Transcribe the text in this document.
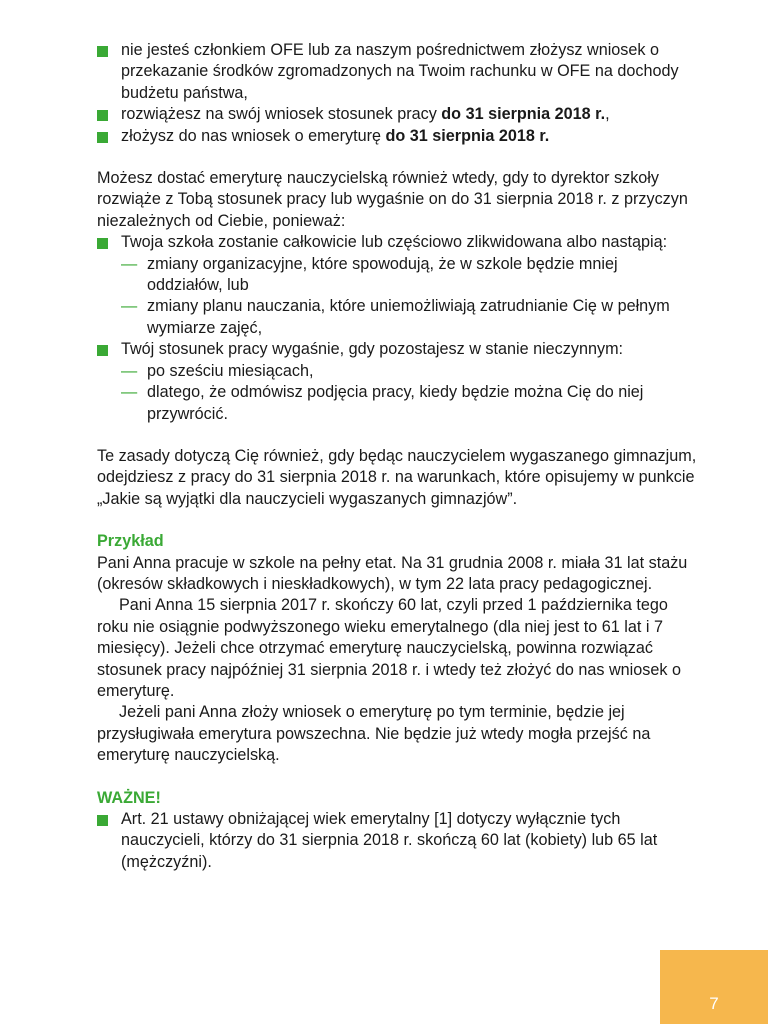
nie jesteś członkiem OFE lub za naszym pośrednictwem złożysz wniosek o przekazanie środków zgromadzonych na Twoim rachunku w OFE na dochody budżetu państwa,
rozwiążesz na swój wniosek stosunek pracy do 31 sierpnia 2018 r.,
złożysz do nas wniosek o emeryturę do 31 sierpnia 2018 r.

Możesz dostać emeryturę nauczycielską również wtedy, gdy to dyrektor szkoły rozwiąże z Tobą stosunek pracy lub wygaśnie on do 31 sierpnia 2018 r. z przyczyn niezależnych od Ciebie, ponieważ:

Twoja szkoła zostanie całkowicie lub częściowo zlikwidowana albo nastąpią:
— zmiany organizacyjne, które spowodują, że w szkole będzie mniej oddziałów, lub
— zmiany planu nauczania, które uniemożliwiają zatrudnianie Cię w pełnym wymiarze zajęć,
Twój stosunek pracy wygaśnie, gdy pozostajesz w stanie nieczynnym:
— po sześciu miesiącach,
— dlatego, że odmówisz podjęcia pracy, kiedy będzie można Cię do niej przywrócić.

Te zasady dotyczą Cię również, gdy będąc nauczycielem wygaszanego gimnazjum, odejdziesz z pracy do 31 sierpnia 2018 r. na warunkach, które opisujemy w punkcie „Jakie są wyjątki dla nauczycieli wygaszanych gimnazjów”.

Przykład

Pani Anna pracuje w szkole na pełny etat. Na 31 grudnia 2008 r. miała 31 lat stażu (okresów składkowych i nieskładkowych), w tym 22 lata pracy pedagogicznej.

Pani Anna 15 sierpnia 2017 r. skończy 60 lat, czyli przed 1 października tego roku nie osiągnie podwyższonego wieku emerytalnego (dla niej jest to 61 lat i 7 miesięcy). Jeżeli chce otrzymać emeryturę nauczycielską, powinna rozwiązać stosunek pracy najpóźniej 31 sierpnia 2018 r. i wtedy też złożyć do nas wniosek o emeryturę.

Jeżeli pani Anna złoży wniosek o emeryturę po tym terminie, będzie jej przysługiwała emerytura powszechna. Nie będzie już wtedy mogła przejść na emeryturę nauczycielską.

WAŻNE!

Art. 21 ustawy obniżającej wiek emerytalny [1] dotyczy wyłącznie tych nauczycieli, którzy do 31 sierpnia 2018 r. skończą 60 lat (kobiety) lub 65 lat (mężczyźni).
7
